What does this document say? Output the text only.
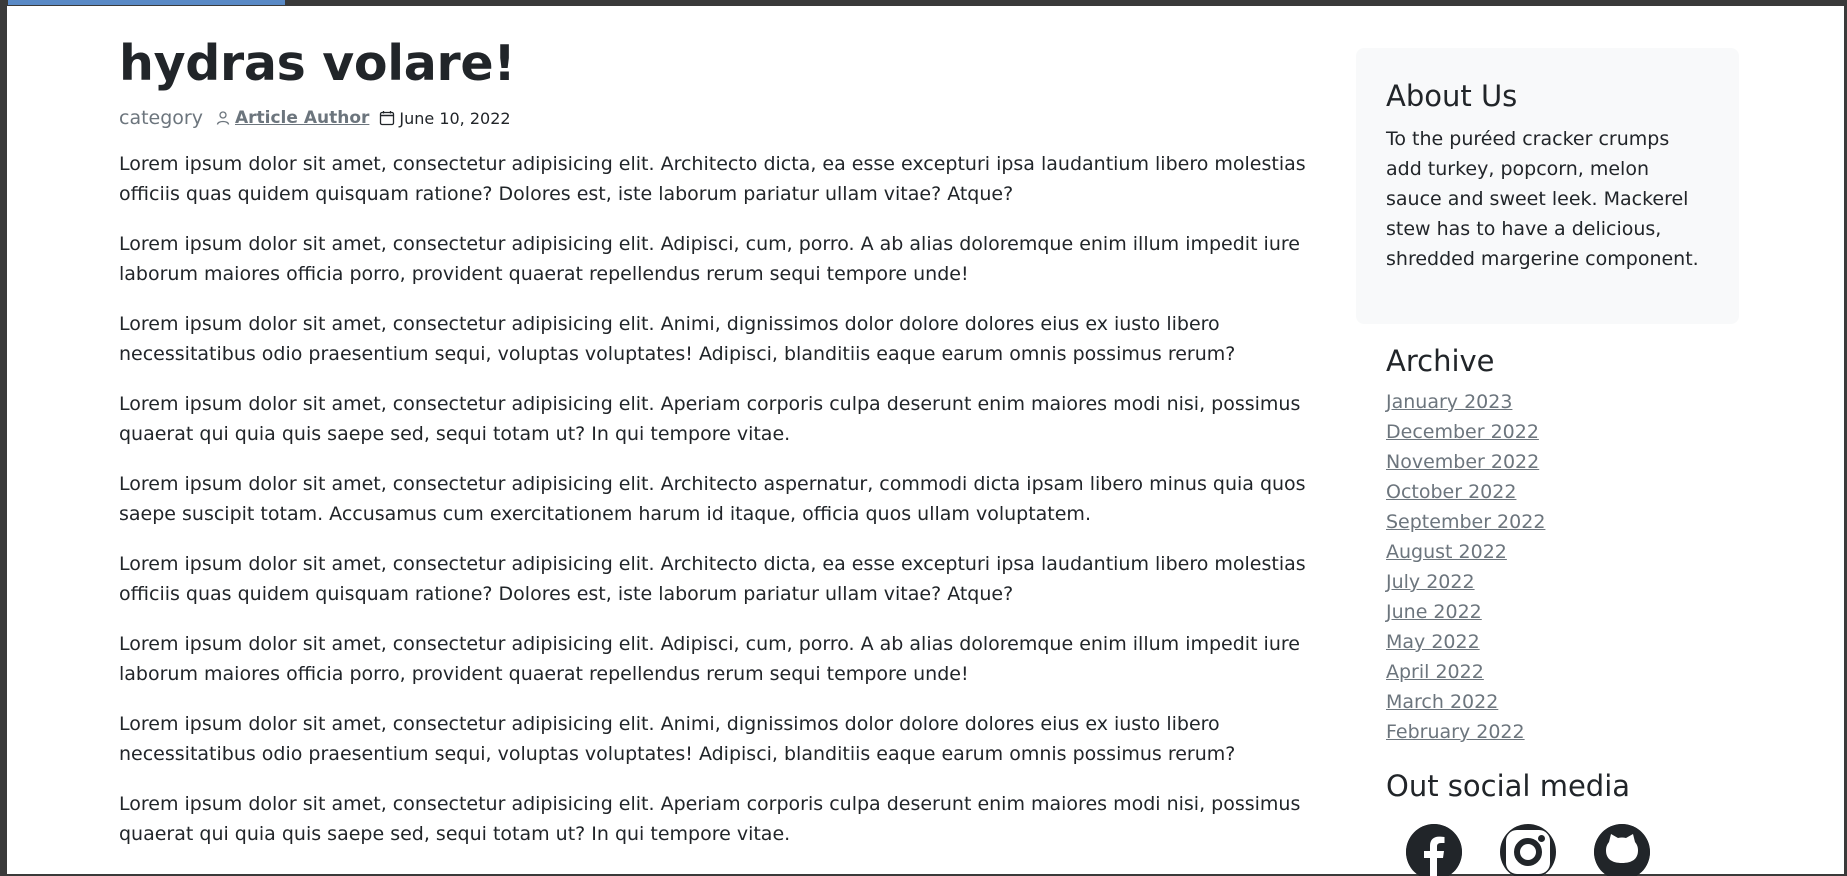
hydras volare!
category Article Author June 10, 2022

Lorem ipsum dolor sit amet, consectetur adipisicing elit. Architecto dicta, ea esse excepturi ipsa laudantium libero molestias officiis quas quidem quisquam ratione? Dolores est, iste laborum pariatur ullam vitae? Atque?

Lorem ipsum dolor sit amet, consectetur adipisicing elit. Adipisci, cum, porro. A ab alias doloremque enim illum impedit iure laborum maiores officia porro, provident quaerat repellendus rerum sequi tempore unde!

Lorem ipsum dolor sit amet, consectetur adipisicing elit. Animi, dignissimos dolor dolore dolores eius ex iusto libero necessitatibus odio praesentium sequi, voluptas voluptates! Adipisci, blanditiis eaque earum omnis possimus rerum?

Lorem ipsum dolor sit amet, consectetur adipisicing elit. Aperiam corporis culpa deserunt enim maiores modi nisi, possimus quaerat qui quia quis saepe sed, sequi totam ut? In qui tempore vitae.

Lorem ipsum dolor sit amet, consectetur adipisicing elit. Architecto aspernatur, commodi dicta ipsam libero minus quia quos saepe suscipit totam. Accusamus cum exercitationem harum id itaque, officia quos ullam voluptatem.

Lorem ipsum dolor sit amet, consectetur adipisicing elit. Architecto dicta, ea esse excepturi ipsa laudantium libero molestias officiis quas quidem quisquam ratione? Dolores est, iste laborum pariatur ullam vitae? Atque?

Lorem ipsum dolor sit amet, consectetur adipisicing elit. Adipisci, cum, porro. A ab alias doloremque enim illum impedit iure laborum maiores officia porro, provident quaerat repellendus rerum sequi tempore unde!

Lorem ipsum dolor sit amet, consectetur adipisicing elit. Animi, dignissimos dolor dolore dolores eius ex iusto libero necessitatibus odio praesentium sequi, voluptas voluptates! Adipisci, blanditiis eaque earum omnis possimus rerum?

Lorem ipsum dolor sit amet, consectetur adipisicing elit. Aperiam corporis culpa deserunt enim maiores modi nisi, possimus quaerat qui quia quis saepe sed, sequi totam ut? In qui tempore vitae.

About Us

To the puréed cracker crumps add turkey, popcorn, melon sauce and sweet leek. Mackerel stew has to have a delicious, shredded margerine component.

Archive
January 2023
December 2022
November 2022
October 2022
September 2022
August 2022
July 2022
June 2022
May 2022
April 2022
March 2022
February 2022
Out social media
